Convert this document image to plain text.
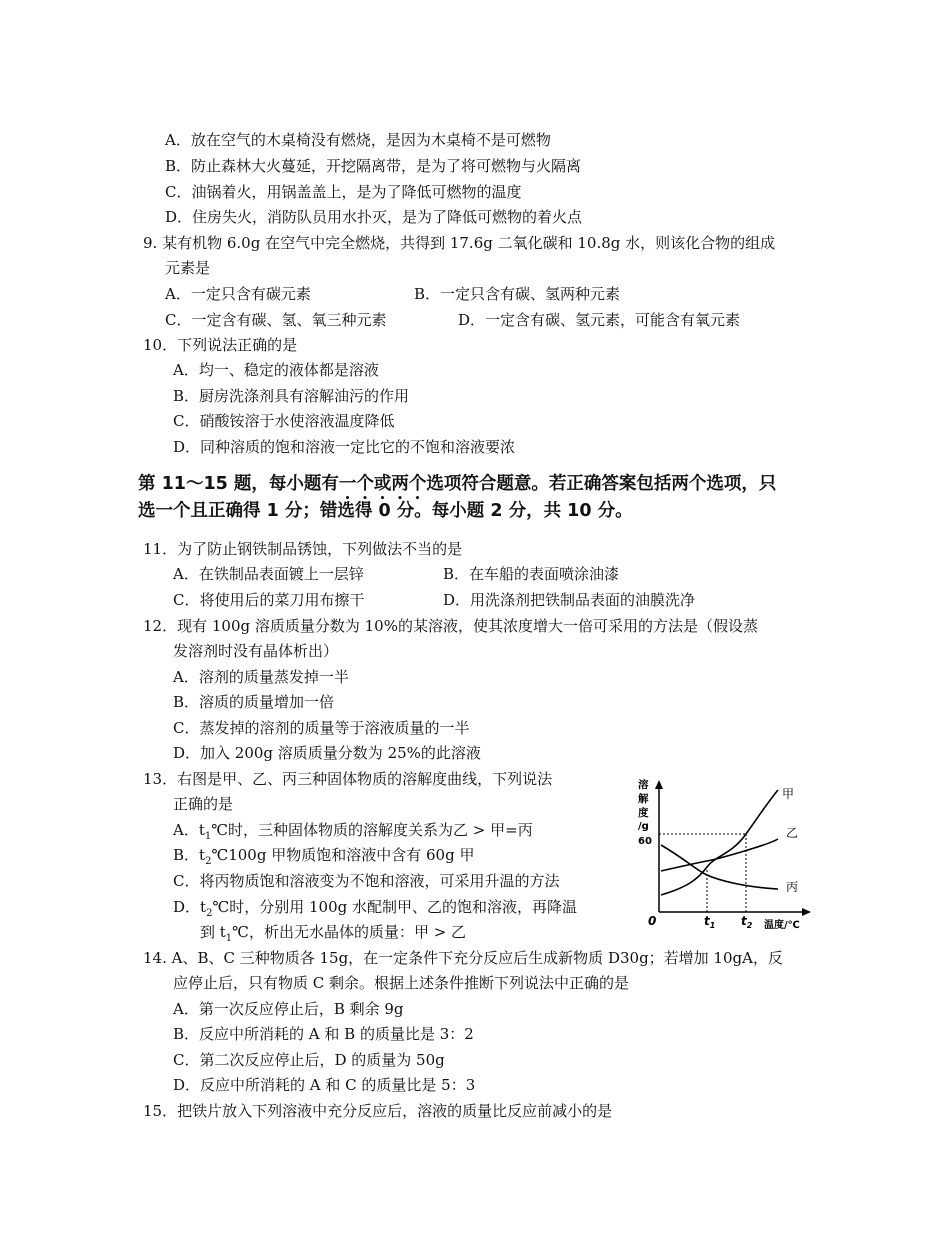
A．放在空气的木桌椅没有燃烧，是因为木桌椅不是可燃物
B．防止森林大火蔓延，开挖隔离带，是为了将可燃物与火隔离
C．油锅着火，用锅盖盖上，是为了降低可燃物的温度
D．住房失火，消防队员用水扑灭，是为了降低可燃物的着火点
9. 某有机物 6.0g 在空气中完全燃烧，共得到 17.6g 二氧化碳和 10.8g 水，则该化合物的组成
元素是
A．一定只含有碳元素	B．一定只含有碳、氢两种元素
C．一定含有碳、氢、氧三种元素	D．一定含有碳、氢元素，可能含有氧元素
10．下列说法正确的是
A．均一、稳定的液体都是溶液
B．厨房洗涤剂具有溶解油污的作用
C．硝酸铵溶于水使溶液温度降低
D．同种溶质的饱和溶液一定比它的不饱和溶液要浓
第 11～15 题，每小题有一个或两个选项符合题意。若正确答案包括两个选项，只
选一个且正确得 1 分；错选得 0 分。每小题 2 分，共 10 分。
11．为了防止钢铁制品锈蚀，下列做法不当的是
A．在铁制品表面镀上一层锌	B．在车船的表面喷涂油漆
C．将使用后的菜刀用布擦干	D．用洗涤剂把铁制品表面的油膜洗净
12．现有 100g 溶质质量分数为 10%的某溶液，使其浓度增大一倍可采用的方法是（假设蒸
发溶剂时没有晶体析出）
A．溶剂的质量蒸发掉一半
B．溶质的质量增加一倍
C．蒸发掉的溶剂的质量等于溶液质量的一半
D．加入 200g 溶质质量分数为 25%的此溶液
13．右图是甲、乙、丙三种固体物质的溶解度曲线，下列说法
正确的是
A．$t_1℃$时，三种固体物质的溶解度关系为乙 > 甲=丙
B．$t_2℃100g$ 甲物质饱和溶液中含有 60g 甲
C．将丙物质饱和溶液变为不饱和溶液，可采用升温的方法
D．$t_2℃$时，分别用 100g 水配制甲、乙的饱和溶液，再降温
到 $t_1℃$，析出无水晶体的质量：甲 > 乙
溶
解
度
/g
60
0	$t_1$ $t_2$ 温度/℃
甲
乙
丙
14. A、B、C 三种物质各 15g，在一定条件下充分反应后生成新物质 D30g；若增加 10gA，反
应停止后，只有物质 C 剩余。根据上述条件推断下列说法中正确的是
A．第一次反应停止后，B 剩余 9g
B．反应中所消耗的 A 和 B 的质量比是 3：2
C．第二次反应停止后，D 的质量为 50g
D．反应中所消耗的 A 和 C 的质量比是 5：3
15．把铁片放入下列溶液中充分反应后，溶液的质量比反应前减小的是
